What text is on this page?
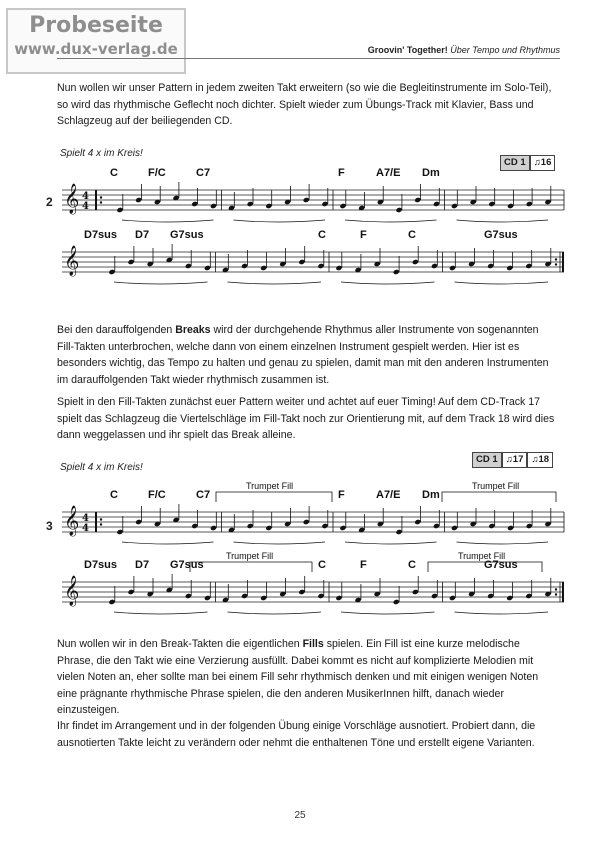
Probeseite
www.dux-verlag.de	Groovin' Together! Über Tempo und Rhythmus

Nun wollen wir unser Pattern in jedem zweiten Takt erweitern (so wie die Begleitinstrumente im Solo-Teil), so wird das rhythmische Geflecht noch dichter. Spielt wieder zum Übungs-Track mit Klavier, Bass und Schlagzeug auf der beiliegenden CD.

Spielt 4 x im Kreis!
CD 1 ♫16
2
C	F/C	C7	F	A7/E Dm
𝄞 4
4
D7sus D7 G7sus	C	F	C	G7sus
𝄞

Bei den darauffolgenden Breaks wird der durchgehende Rhythmus aller Instrumente von sogenannten Fill-Takten unterbrochen, welche dann von einem einzelnen Instrument gespielt werden. Hier ist es besonders wichtig, das Tempo zu halten und genau zu spielen, damit man mit den anderen Instrumenten im darauffolgenden Takt wieder rhythmisch zusammen ist.

Spielt in den Fill-Takten zunächst euer Pattern weiter und achtet auf euer Timing! Auf dem CD-Track 17 spielt das Schlagzeug die Viertelschläge im Fill-Takt noch zur Orientierung mit, auf dem Track 18 wird dies dann weggelassen und ihr spielt das Break alleine.

Spielt 4 x im Kreis!
CD 1 ♫17 ♫18
3
C	F/C	C7	F	A7/E Dm
Trumpet Fill	Trumpet Fill
𝄞 4
4
D7sus D7 G7sus	C	F	C	G7sus
Trumpet Fill	Trumpet Fill
𝄞

Nun wollen wir in den Break-Takten die eigentlichen Fills spielen. Ein Fill ist eine kurze melodische Phrase, die den Takt wie eine Verzierung ausfüllt. Dabei kommt es nicht auf komplizierte Melodien mit vielen Noten an, eher sollte man bei einem Fill sehr rhythmisch denken und mit einigen wenigen Noten eine prägnante rhythmische Phrase spielen, die den anderen MusikerInnen hilft, danach wieder einzusteigen.

Ihr findet im Arrangement und in der folgenden Übung einige Vorschläge ausnotiert. Probiert dann, die ausnotierten Takte leicht zu verändern oder nehmt die enthaltenen Töne und erstellt eigene Varianten.

25
